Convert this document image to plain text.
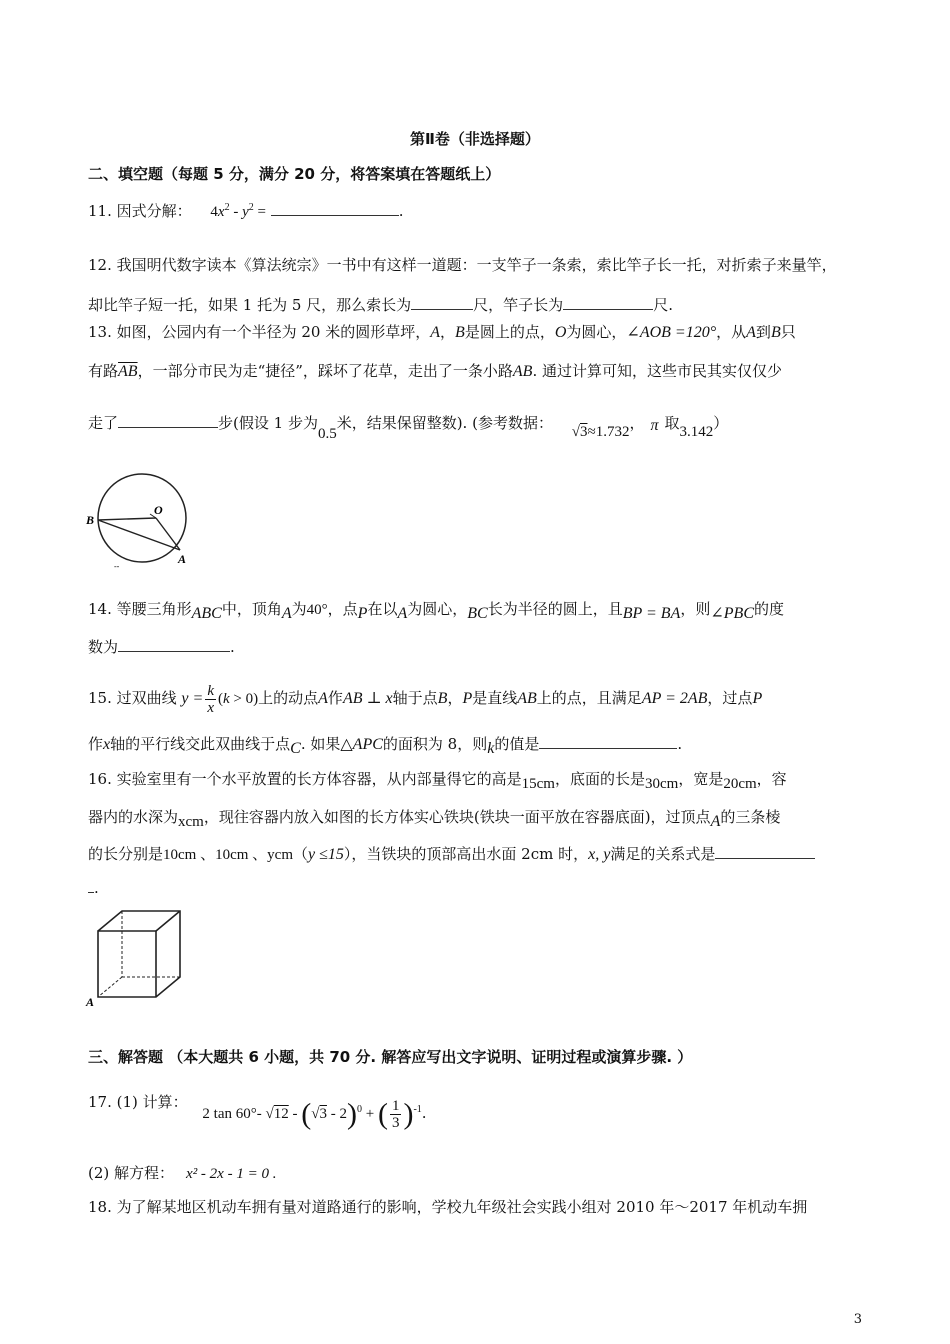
第Ⅱ卷（非选择题）
二、填空题（每题 5 分，满分 20 分，将答案填在答题纸上）
11. 因式分解： $4x^2 - y^2$ =	.
12. 我国明代数字读本《算法统宗》一书中有这样一道题：一支竿子一条索，索比竿子长一托，对折索子来量竿，
却比竿子短一托，如果 1 托为 5 尺，那么索长为	尺，竿子长为	尺.
13. 如图，公园内有一个半径为 20 米的圆形草坪，A，B是圆上的点，O为圆心，∠AOB =120°，从A到B只
有路$\overline{AB}$，一部分市民为走“捷径”，踩坏了花草，走出了一条小路AB. 通过计算可知，这些市民其实仅仅少
走了	步(假设 1 步为0.5米，结果保留整数). (参考数据： √3≈1.732， π 取3.142）
B
O
A
--
14. 等腰三角形ABC中，顶角A为40°，点P在以A为圆心，BC长为半径的圆上，且BP = BA，则∠PBC的度
数为	.
15. 过双曲线 $y = \frac{k}{x} (k > 0)$上的动点A作AB ⊥ x轴于点B，P是直线AB上的点，且满足AP = 2AB，过点P
作x轴的平行线交此双曲线于点C. 如果△APC的面积为 8，则k的值是	.
16. 实验室里有一个水平放置的长方体容器，从内部量得它的高是15cm，底面的长是30cm，宽是20cm，容
器内的水深为xcm，现往容器内放入如图的长方体实心铁块(铁块一面平放在容器底面)，过顶点A的三条棱
的长分别是10cm 、10cm 、ycm（y ≤15），当铁块的顶部高出水面 2cm 时，x, y满足的关系式是
.
A
三、解答题 （本大题共 6 小题，共 70 分. 解答应写出文字说明、证明过程或演算步骤. ）
17. (1) 计算： 2 tan 60°- √12 - (√3 - 2)$^0$ + ( $\frac{1}{3} )^{-1}$.
(2) 解方程： x² - 2x - 1 = 0 .
18. 为了解某地区机动车拥有量对道路通行的影响，学校九年级社会实践小组对 2010 年～2017 年机动车拥
3
